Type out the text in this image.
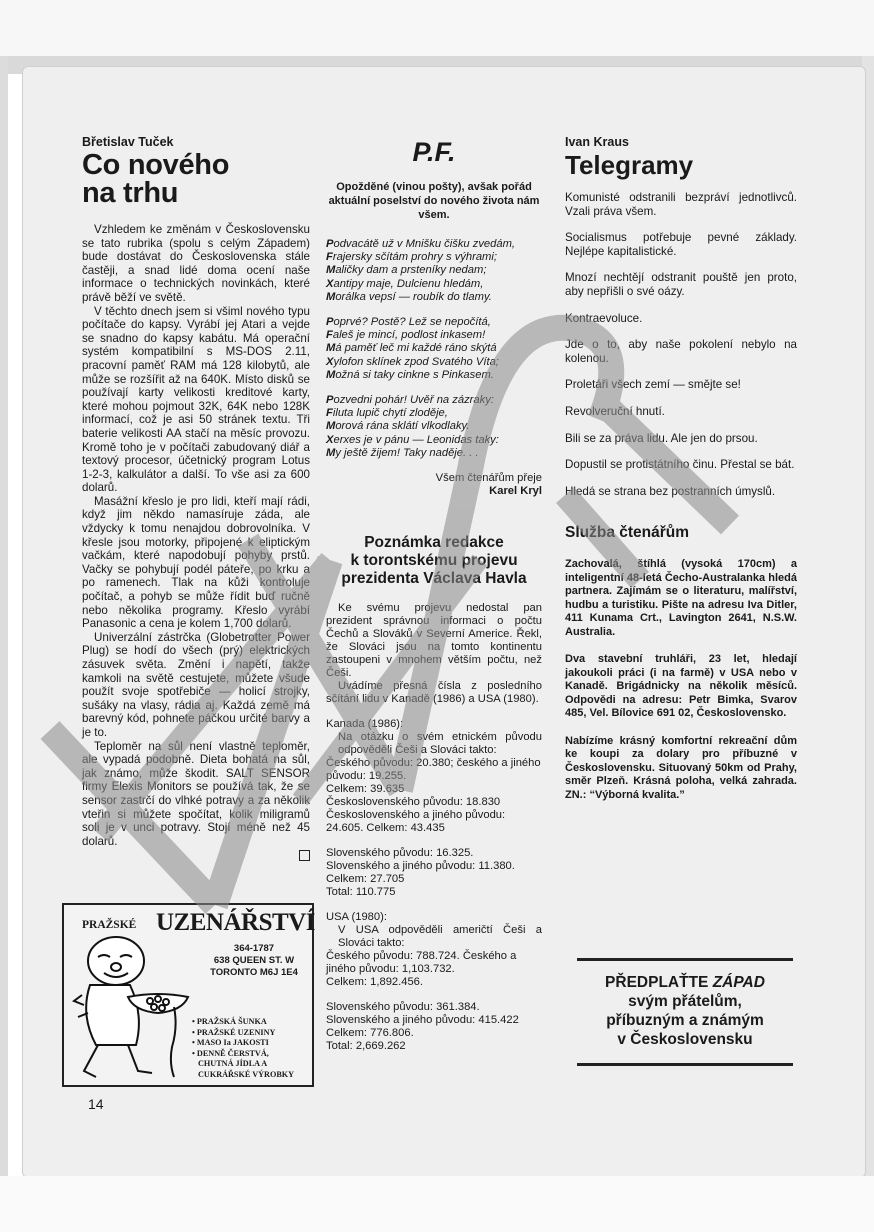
Břetislav Tuček
Co nového
na trhu

Vzhledem ke změnám v Československu se tato rubrika (spolu s celým Západem) bude dostávat do Československa stále častěji, a snad lidé doma ocení naše informace o technických novinkách, které právě běží ve světě.

V těchto dnech jsem si všiml nového typu počítače do kapsy. Vyrábí jej Atari a vejde se snadno do kapsy kabátu. Má operační systém kompatibilní s MS-DOS 2.11, pracovní paměť RAM má 128 kilobytů, ale může se rozšířit až na 640K. Místo disků se používají karty velikosti kreditové karty, které mohou pojmout 32K, 64K nebo 128K informací, což je asi 50 stránek textu. Tři baterie velikosti AA stačí na měsíc provozu. Kromě toho je v počítači zabudovaný diář a textový procesor, účetnický program Lotus 1-2-3, kalkulátor a další. To vše asi za 600 dolarů.

Masážní křeslo je pro lidi, kteří mají rádi, když jim někdo namasíruje záda, ale vždycky k tomu nenajdou dobrovolníka. V křesle jsou motorky, připojené k eliptickým vačkám, které napodobují pohyby prstů. Vačky se pohybují podél páteře, po krku a po ramenech. Tlak na kůži kontroluje počítač, a pohyb se může řídit buď ručně nebo několika programy. Křeslo vyrábí Panasonic a cena je kolem 1,700 dolarů.

Univerzální zástrčka (Globetrotter Power Plug) se hodí do všech (prý) elektrických zásuvek světa. Změní i napětí, takže kamkoli na světě cestujete, můžete všude použít svoje spotřebiče — holicí strojky, sušáky na vlasy, rádia aj. Každá země má barevný kód, pohnete páčkou určité barvy a je to.

Teploměr na sůl není vlastně teploměr, ale vypadá podobně. Dieta bohatá na sůl, jak známo, může škodit. SALT SENSOR firmy Elexis Monitors se používá tak, že se sensor zastrčí do vlhké potravy a za několik vteřin si můžete spočítat, kolik miligramů soli je v unci potravy. Stojí méně než 45 dolarů.

PRAŽSKÉ UZENÁŘSTVÍ
364-1787
638 QUEEN ST. W
TORONTO M6J 1E4
• PRAŽSKÁ ŠUNKA
• PRAŽSKÉ UZENINY
• MASO Ia JAKOSTI
• DENNĚ ČERSTVÁ,
CHUTNÁ JÍDLA A
CUKRÁŘSKÉ VÝROBKY
P.F.
Opožděné (vinou pošty), avšak pořád aktuální poselství do nového života nám všem.
Podvacátě už v Mnišku čišku zvedám,
Frajersky sčítám prohry s výhrami;
Maličky dam a prsteníky nedam;
Xantipy maje, Dulcienu hledám,
Morálka vepsí — roubík do tlamy.
Poprvé? Postě? Lež se nepočítá,
Faleš je mincí, podlost inkasem!
Má paměť leč mi každé ráno skýtá
Xylofon sklínek zpod Svatého Víta;
Možná si taky cinkne s Pinkasem.
Pozvedni pohár! Uvěř na zázraky:
Filuta lupič chytí zloděje,
Morová rána sklátí vlkodlaky.
Xerxes je v pánu — Leonidas taky:
My ještě žijem! Taky naděje. . .
Všem čtenářům přeje
Karel Kryl
Poznámka redakce
k torontskému projevu
prezidenta Václava Havla

Ke svému projevu nedostal pan prezident správnou informaci o počtu Čechů a Slováků v Severní Americe. Řekl, že Slováci jsou na tomto kontinentu zastoupeni v mnohem větším počtu, než Češi.

Uvádíme přesná čísla z posledního sčítání lidu v Kanadě (1986) a USA (1980).

Kanada (1986):
Na otázku o svém etnickém původu odpověděli Češi a Slováci takto:
Českého původu: 20.380; českého a jiného původu: 19.255.
Celkem: 39.635
Československého původu: 18.830
Československého a jiného původu: 24.605. Celkem: 43.435
Slovenského původu: 16.325.
Slovenského a jiného původu: 11.380.
Celkem: 27.705
Total: 110.775
USA (1980):
V USA odpověděli američtí Češi a Slováci takto:
Českého původu: 788.724. Českého a jiného původu: 1,103.732.
Celkem: 1,892.456.
Slovenského původu: 361.384.
Slovenského a jiného původu: 415.422
Celkem: 776.806.
Total: 2,669.262
Ivan Kraus
Telegramy

Komunisté odstranili bezpráví jednotlivců. Vzali práva všem.

Socialismus potřebuje pevné základy. Nejlépe kapitalistické.

Mnozí nechtějí odstranit pouště jen proto, aby nepřišli o své oázy.

Kontraevoluce.

Jde o to, aby naše pokolení nebylo na kolenou.

Proletáři všech zemí — smějte se!

Revolveruční hnutí.

Bili se za práva lidu. Ale jen do prsou.

Dopustil se protistátního činu. Přestal se bát.

Hledá se strana bez postranních úmyslů.

Služba čtenářům

Zachovalá, štíhlá (vysoká 170cm) a inteligentní 48-letá Čecho-Australanka hledá partnera. Zajímám se o literaturu, malířství, hudbu a turistiku. Pište na adresu Iva Ditler, 411 Kunama Crt., Lavington 2641, N.S.W. Australia.

Dva stavební truhláři, 23 let, hledají jakoukoli práci (i na farmě) v USA nebo v Kanadě. Brigádnicky na několik měsíců. Odpovědi na adresu: Petr Bimka, Svarov 485, Vel. Bílovice 691 02, Československo.

Nabízíme krásný komfortní rekreační dům ke koupi za dolary pro příbuzné v Československu. Situovaný 50km od Prahy, směr Plzeň. Krásná poloha, velká zahrada. ZN.: “Výborná kvalita.”

PŘEDPLAŤTE ZÁPAD
svým přátelům,
příbuzným a známým
v Československu
14
